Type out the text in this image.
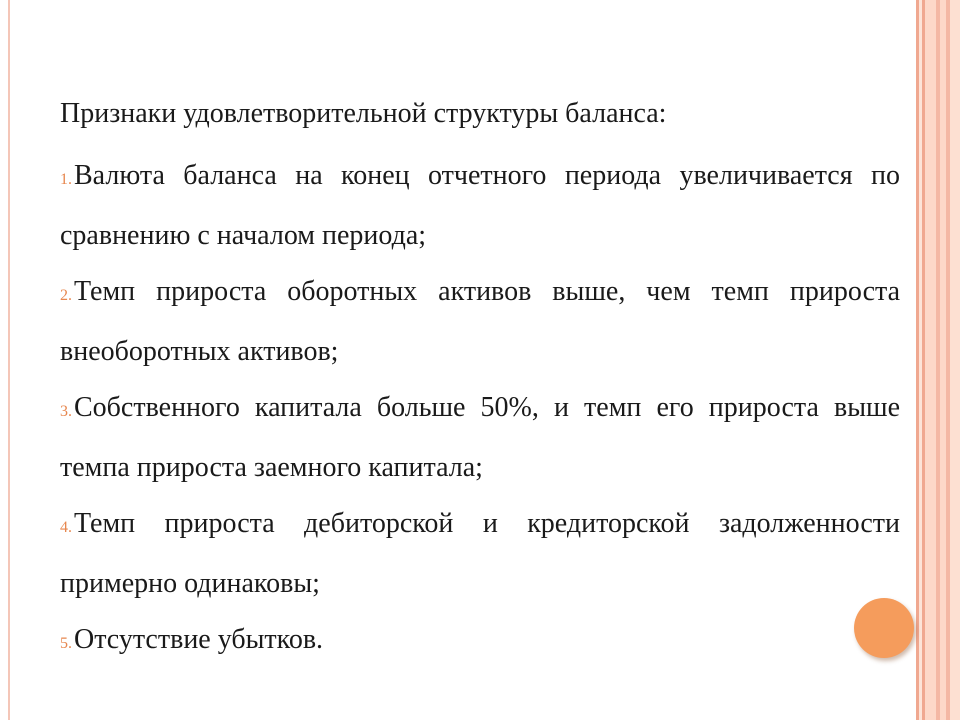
Признаки удовлетворительной структуры баланса:
1.Валюта баланса на конец отчетного периода увеличивается по сравнению с началом периода;
2.Темп прироста оборотных активов выше, чем темп прироста внеоборотных активов;
3.Собственного капитала больше 50%, и темп его прироста выше темпа прироста заемного капитала;
4.Темп прироста дебиторской и кредиторской задолженности примерно одинаковы;
5.Отсутствие убытков.
